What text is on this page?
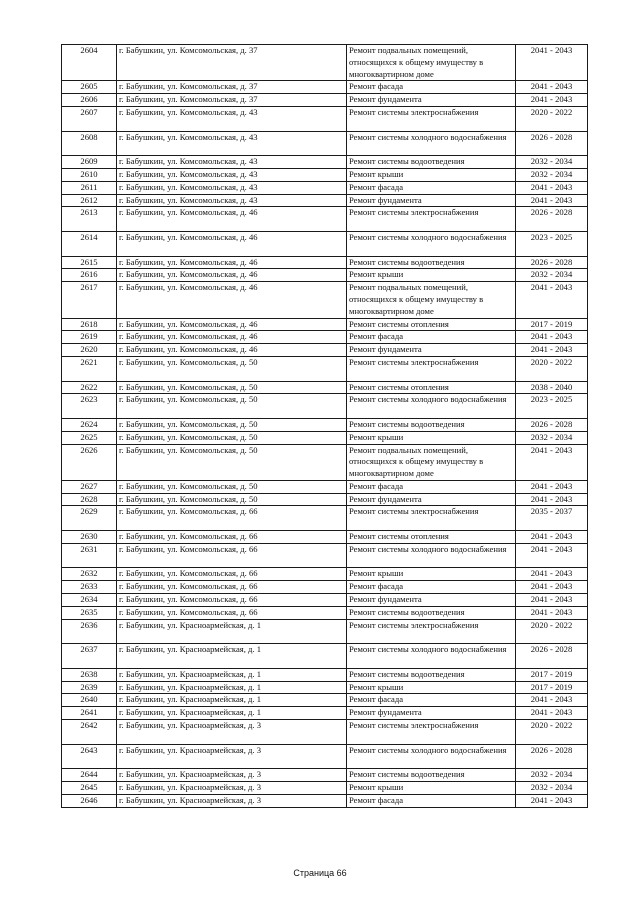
2604	г. Бабушкин, ул. Комсомольская, д. 37	Ремонт подвальных помещений, относящихся к общему имуществу в многоквартирном доме	2041 - 2043
2605	г. Бабушкин, ул. Комсомольская, д. 37	Ремонт фасада	2041 - 2043
2606	г. Бабушкин, ул. Комсомольская, д. 37	Ремонт фундамента	2041 - 2043
2607	г. Бабушкин, ул. Комсомольская, д. 43	Ремонт системы электроснабжения	2020 - 2022
2608	г. Бабушкин, ул. Комсомольская, д. 43	Ремонт системы холодного водоснабжения	2026 - 2028
2609	г. Бабушкин, ул. Комсомольская, д. 43	Ремонт системы водоотведения	2032 - 2034
2610	г. Бабушкин, ул. Комсомольская, д. 43	Ремонт крыши	2032 - 2034
2611	г. Бабушкин, ул. Комсомольская, д. 43	Ремонт фасада	2041 - 2043
2612	г. Бабушкин, ул. Комсомольская, д. 43	Ремонт фундамента	2041 - 2043
2613	г. Бабушкин, ул. Комсомольская, д. 46	Ремонт системы электроснабжения	2026 - 2028
2614	г. Бабушкин, ул. Комсомольская, д. 46	Ремонт системы холодного водоснабжения	2023 - 2025
2615	г. Бабушкин, ул. Комсомольская, д. 46	Ремонт системы водоотведения	2026 - 2028
2616	г. Бабушкин, ул. Комсомольская, д. 46	Ремонт крыши	2032 - 2034
2617	г. Бабушкин, ул. Комсомольская, д. 46	Ремонт подвальных помещений, относящихся к общему имуществу в многоквартирном доме	2041 - 2043
2618	г. Бабушкин, ул. Комсомольская, д. 46	Ремонт системы отопления	2017 - 2019
2619	г. Бабушкин, ул. Комсомольская, д. 46	Ремонт фасада	2041 - 2043
2620	г. Бабушкин, ул. Комсомольская, д. 46	Ремонт фундамента	2041 - 2043
2621	г. Бабушкин, ул. Комсомольская, д. 50	Ремонт системы электроснабжения	2020 - 2022
2622	г. Бабушкин, ул. Комсомольская, д. 50	Ремонт системы отопления	2038 - 2040
2623	г. Бабушкин, ул. Комсомольская, д. 50	Ремонт системы холодного водоснабжения	2023 - 2025
2624	г. Бабушкин, ул. Комсомольская, д. 50	Ремонт системы водоотведения	2026 - 2028
2625	г. Бабушкин, ул. Комсомольская, д. 50	Ремонт крыши	2032 - 2034
2626	г. Бабушкин, ул. Комсомольская, д. 50	Ремонт подвальных помещений, относящихся к общему имуществу в многоквартирном доме	2041 - 2043
2627	г. Бабушкин, ул. Комсомольская, д. 50	Ремонт фасада	2041 - 2043
2628	г. Бабушкин, ул. Комсомольская, д. 50	Ремонт фундамента	2041 - 2043
2629	г. Бабушкин, ул. Комсомольская, д. 66	Ремонт системы электроснабжения	2035 - 2037
2630	г. Бабушкин, ул. Комсомольская, д. 66	Ремонт системы отопления	2041 - 2043
2631	г. Бабушкин, ул. Комсомольская, д. 66	Ремонт системы холодного водоснабжения	2041 - 2043
2632	г. Бабушкин, ул. Комсомольская, д. 66	Ремонт крыши	2041 - 2043
2633	г. Бабушкин, ул. Комсомольская, д. 66	Ремонт фасада	2041 - 2043
2634	г. Бабушкин, ул. Комсомольская, д. 66	Ремонт фундамента	2041 - 2043
2635	г. Бабушкин, ул. Комсомольская, д. 66	Ремонт системы водоотведения	2041 - 2043
2636	г. Бабушкин, ул. Красноармейская, д. 1	Ремонт системы электроснабжения	2020 - 2022
2637	г. Бабушкин, ул. Красноармейская, д. 1	Ремонт системы холодного водоснабжения	2026 - 2028
2638	г. Бабушкин, ул. Красноармейская, д. 1	Ремонт системы водоотведения	2017 - 2019
2639	г. Бабушкин, ул. Красноармейская, д. 1	Ремонт крыши	2017 - 2019
2640	г. Бабушкин, ул. Красноармейская, д. 1	Ремонт фасада	2041 - 2043
2641	г. Бабушкин, ул. Красноармейская, д. 1	Ремонт фундамента	2041 - 2043
2642	г. Бабушкин, ул. Красноармейская, д. 3	Ремонт системы электроснабжения	2020 - 2022
2643	г. Бабушкин, ул. Красноармейская, д. 3	Ремонт системы холодного водоснабжения	2026 - 2028
2644	г. Бабушкин, ул. Красноармейская, д. 3	Ремонт системы водоотведения	2032 - 2034
2645	г. Бабушкин, ул. Красноармейская, д. 3	Ремонт крыши	2032 - 2034
2646	г. Бабушкин, ул. Красноармейская, д. 3	Ремонт фасада	2041 - 2043
Страница 66
